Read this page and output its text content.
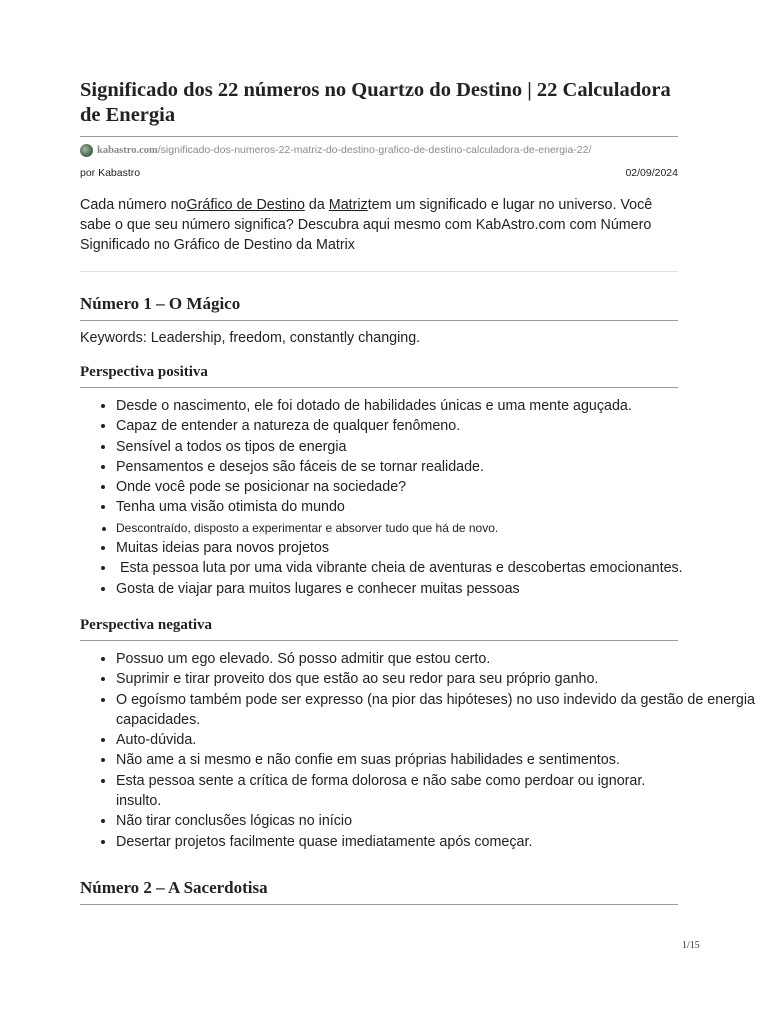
Significado dos 22 números no Quartzo do Destino | 22 Calculadora de Energia
kabastro.com/significado-dos-numeros-22-matriz-do-destino-grafico-de-destino-calculadora-de-energia-22/
por Kabastro	02/09/2024
Cada número noGráfico de Destino da Matriztem um significado e lugar no universo. Você sabe o que seu número significa? Descubra aqui mesmo com KabAstro.com com Número Significado no Gráfico de Destino da Matrix
Número 1 – O Mágico

Keywords: Leadership, freedom, constantly changing.

Perspectiva positiva
• Desde o nascimento, ele foi dotado de habilidades únicas e uma mente aguçada.
• Capaz de entender a natureza de qualquer fenômeno.
• Sensível a todos os tipos de energia
• Pensamentos e desejos são fáceis de se tornar realidade.
• Onde você pode se posicionar na sociedade?
• Tenha uma visão otimista do mundo
• Descontraído, disposto a experimentar e absorver tudo que há de novo.
• Muitas ideias para novos projetos
•  Esta pessoa luta por uma vida vibrante cheia de aventuras e descobertas emocionantes.
• Gosta de viajar para muitos lugares e conhecer muitas pessoas
Perspectiva negativa
• Possuo um ego elevado. Só posso admitir que estou certo.
• Suprimir e tirar proveito dos que estão ao seu redor para seu próprio ganho.
• O egoísmo também pode ser expresso (na pior das hipóteses) no uso indevido da gestão de energia
capacidades.
• Auto-dúvida.
• Não ame a si mesmo e não confie em suas próprias habilidades e sentimentos.
• Esta pessoa sente a crítica de forma dolorosa e não sabe como perdoar ou ignorar.
insulto.
• Não tirar conclusões lógicas no início
• Desertar projetos facilmente quase imediatamente após começar.
Número 2 – A Sacerdotisa
1/15
